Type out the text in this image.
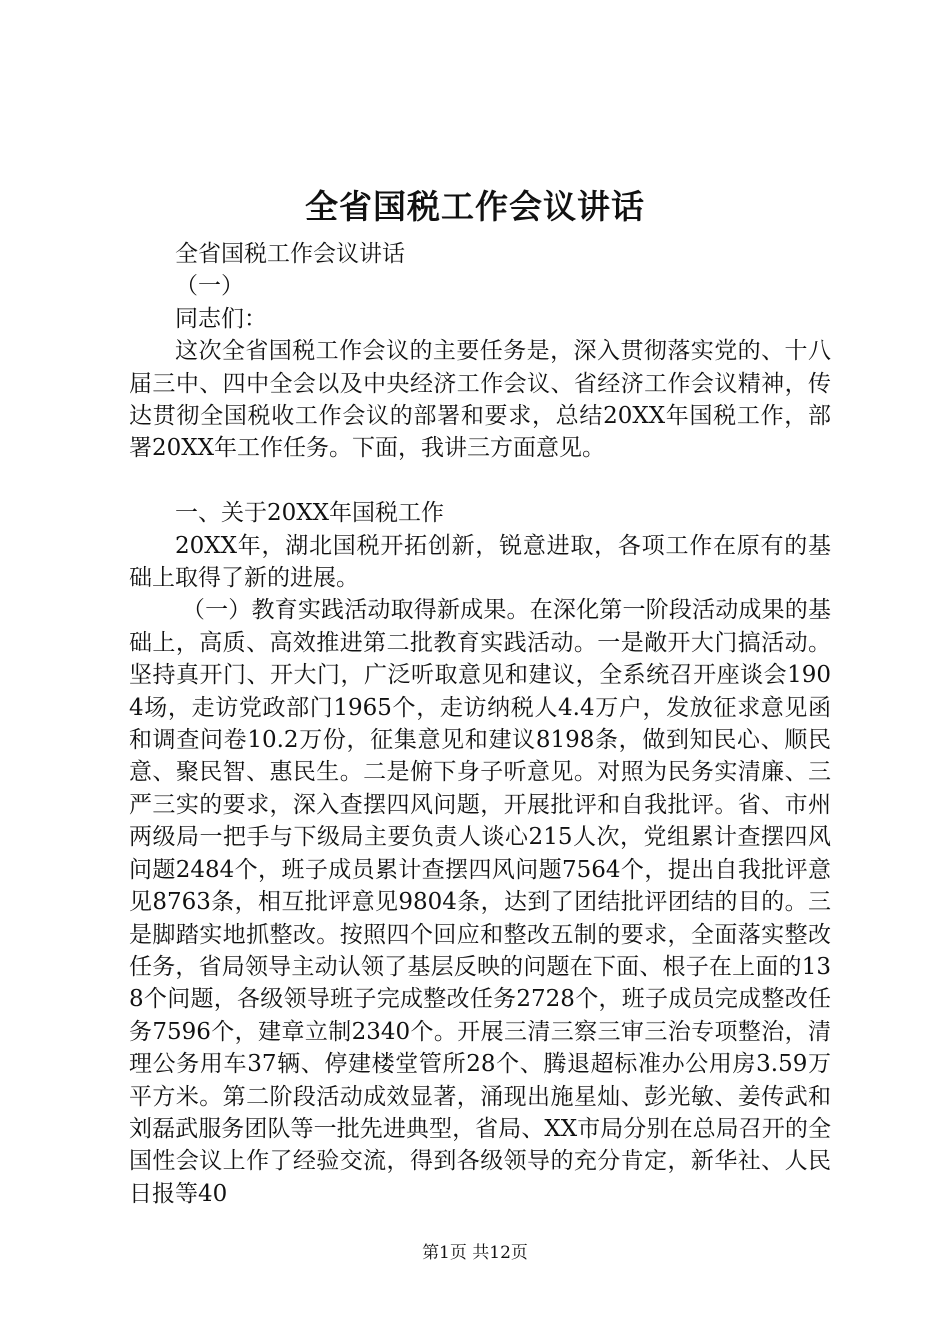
全省国税工作会议讲话

全省国税工作会议讲话

（一）

同志们：

这次全省国税工作会议的主要任务是，深入贯彻落实党的、十八届三中、四中全会以及中央经济工作会议、省经济工作会议精神，传达贯彻全国税收工作会议的部署和要求，总结20XX年国税工作，部署20XX年工作任务。下面，我讲三方面意见。

一、关于20XX年国税工作

20XX年，湖北国税开拓创新，锐意进取，各项工作在原有的基础上取得了新的进展。

（一）教育实践活动取得新成果。在深化第一阶段活动成果的基础上，高质、高效推进第二批教育实践活动。一是敞开大门搞活动。坚持真开门、开大门，广泛听取意见和建议，全系统召开座谈会1904场，走访党政部门1965个，走访纳税人4.4万户，发放征求意见函和调查问卷10.2万份，征集意见和建议8198条，做到知民心、顺民意、聚民智、惠民生。二是俯下身子听意见。对照为民务实清廉、三严三实的要求，深入查摆四风问题，开展批评和自我批评。省、市州两级局一把手与下级局主要负责人谈心215人次，党组累计查摆四风问题2484个，班子成员累计查摆四风问题7564个，提出自我批评意见8763条，相互批评意见9804条，达到了团结批评团结的目的。三是脚踏实地抓整改。按照四个回应和整改五制的要求，全面落实整改任务，省局领导主动认领了基层反映的问题在下面、根子在上面的138个问题，各级领导班子完成整改任务2728个，班子成员完成整改任务7596个，建章立制2340个。开展三清三察三审三治专项整治，清理公务用车37辆、停建楼堂管所28个、腾退超标准办公用房3.59万平方米。第二阶段活动成效显著，涌现出施星灿、彭光敏、姜传武和刘磊武服务团队等一批先进典型，省局、XX市局分别在总局召开的全国性会议上作了经验交流，得到各级领导的充分肯定，新华社、人民日报等40

第1页 共12页
